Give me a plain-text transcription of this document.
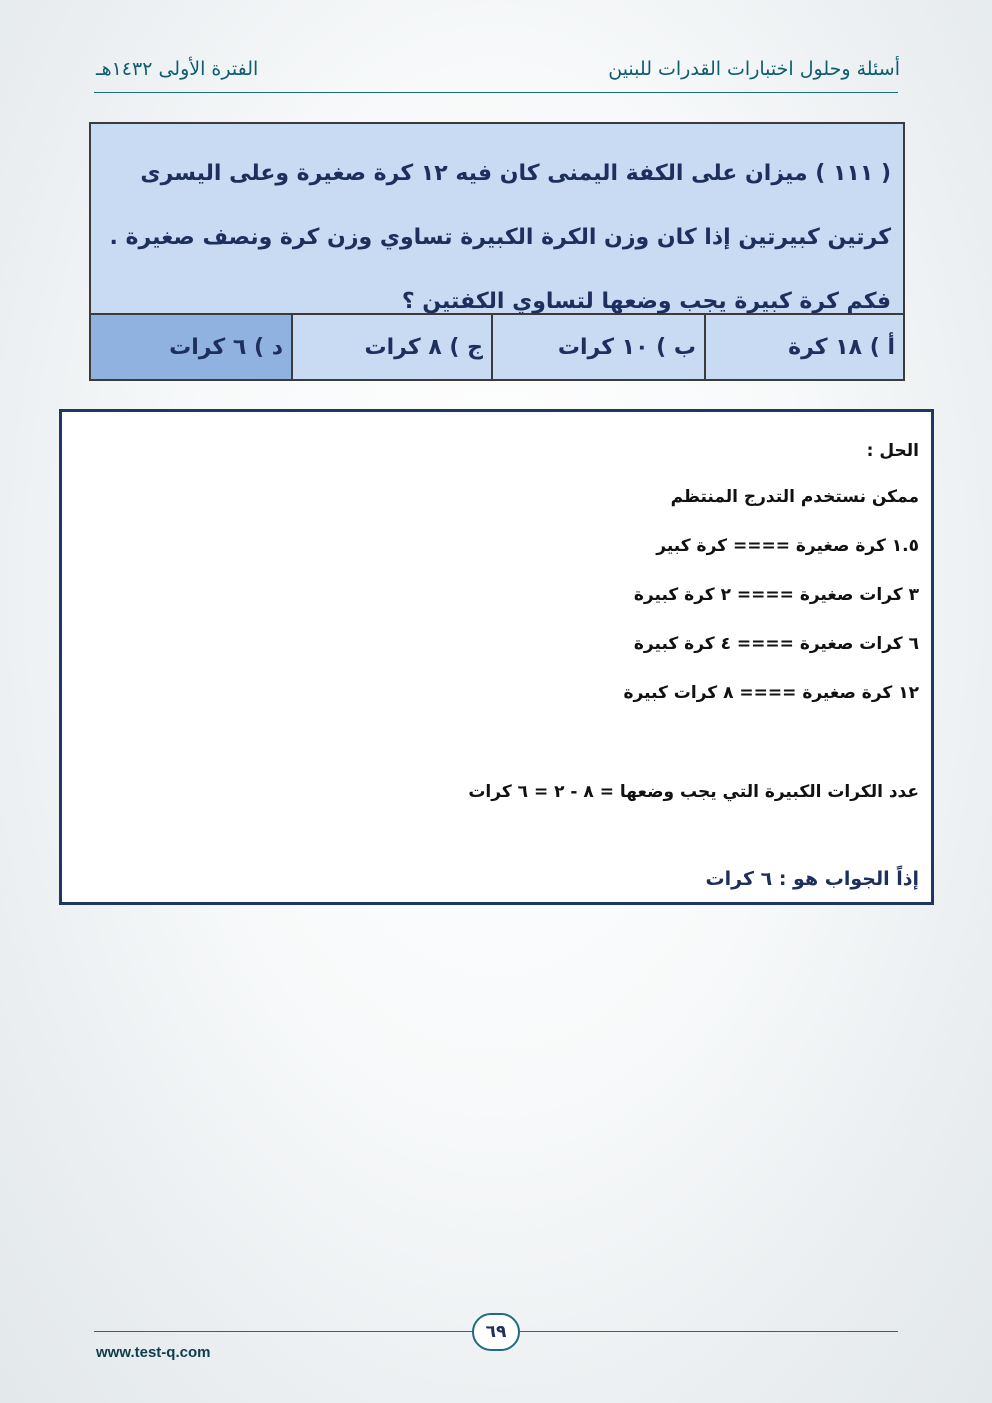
الفترة الأولى ١٤٣٢هـ	أسئلة وحلول اختبارات القدرات للبنين
( ١١١ ) ميزان على الكفة اليمنى كان فيه ١٢ كرة صغيرة وعلى اليسرى كرتين كبيرتين إذا كان وزن الكرة الكبيرة تساوي وزن كرة ونصف صغيرة . فكم كرة كبيرة يجب وضعها لتساوي الكفتين ؟
أ ) ١٨ كرة
ب ) ١٠ كرات
ج ) ٨ كرات
د ) ٦ كرات
الحل :
ممكن نستخدم التدرج المنتظم
١.٥ كرة صغيرة ==== كرة كبير
٣ كرات صغيرة ==== ٢ كرة كبيرة
٦ كرات صغيرة ==== ٤ كرة كبيرة
١٢ كرة صغيرة ==== ٨ كرات كبيرة
عدد الكرات الكبيرة التي يجب وضعها = ٨ - ٢ = ٦ كرات
إذاً الجواب هو : ٦ كرات
٦٩
www.test-q.com
